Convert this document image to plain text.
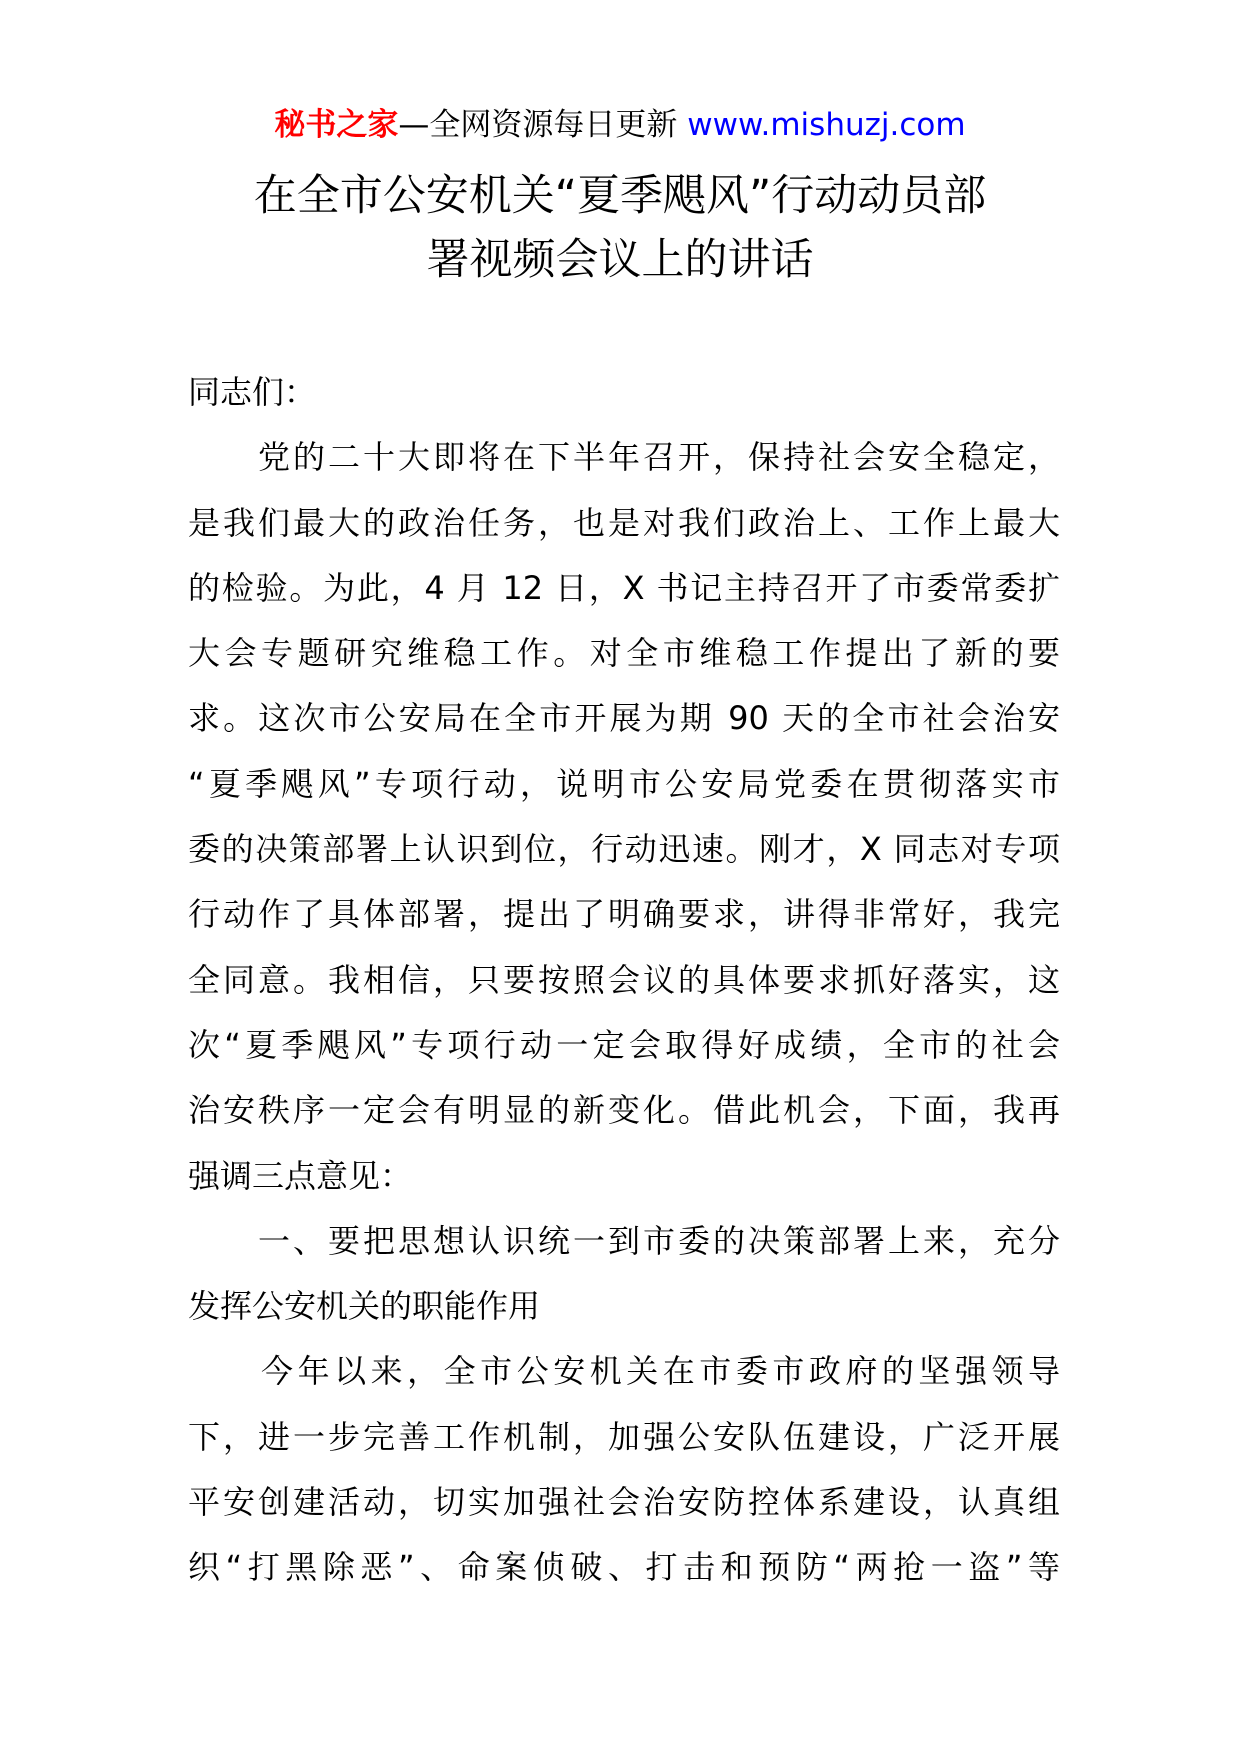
秘书之家—全网资源每日更新 www.mishuzj.com
在全市公安机关“夏季飓风”行动动员部
署视频会议上的讲话
同志们：
　　党的二十大即将在下半年召开，保持社会安全稳定，
是我们最大的政治任务，也是对我们政治上、工作上最大
的检验。为此，4 月 12 日，X 书记主持召开了市委常委扩
大会专题研究维稳工作。对全市维稳工作提出了新的要
求。这次市公安局在全市开展为期 90 天的全市社会治安
“夏季飓风”专项行动，说明市公安局党委在贯彻落实市
委的决策部署上认识到位，行动迅速。刚才，X 同志对专项
行动作了具体部署，提出了明确要求，讲得非常好，我完
全同意。我相信，只要按照会议的具体要求抓好落实，这
次“夏季飓风”专项行动一定会取得好成绩，全市的社会
治安秩序一定会有明显的新变化。借此机会，下面，我再
强调三点意见：
　　一、要把思想认识统一到市委的决策部署上来，充分
发挥公安机关的职能作用
　　今年以来，全市公安机关在市委市政府的坚强领导
下，进一步完善工作机制，加强公安队伍建设，广泛开展
平安创建活动，切实加强社会治安防控体系建设，认真组
织“打黑除恶”、命案侦破、打击和预防“两抢一盗”等
